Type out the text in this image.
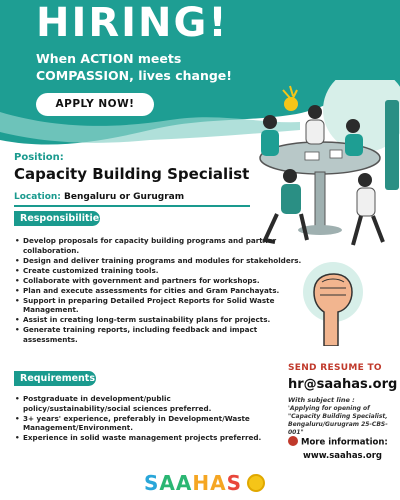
HIRING!
When ACTION meets COMPASSION, lives change!
APPLY NOW!
Position:
Capacity Building Specialist
Location: Bengaluru or Gurugram
Responsibilities:
• Develop proposals for capacity building programs and partner collaboration.
• Design and deliver training programs and modules for stakeholders.
• Create customized training tools.
• Collaborate with government and partners for workshops.
• Plan and execute assessments for cities and Gram Panchayats.
• Support in preparing Detailed Project Reports for Solid Waste Management.
• Assist in creating long-term sustainability plans for projects.
• Generate training reports, including feedback and impact assessments.
Requirements:
• Postgraduate in development/public policy/sustainability/social sciences preferred.
• 3+ years' experience, preferably in Development/Waste Management/Environment.
• Experience in solid waste management projects preferred.
SEND RESUME TO
hr@saahas.org
With subject line :
'Applying for opening of "Capacity Building Specialist, Bengaluru/Gurugram 25-CBS-001"
More information:
www.saahas.org
SAAHAS
